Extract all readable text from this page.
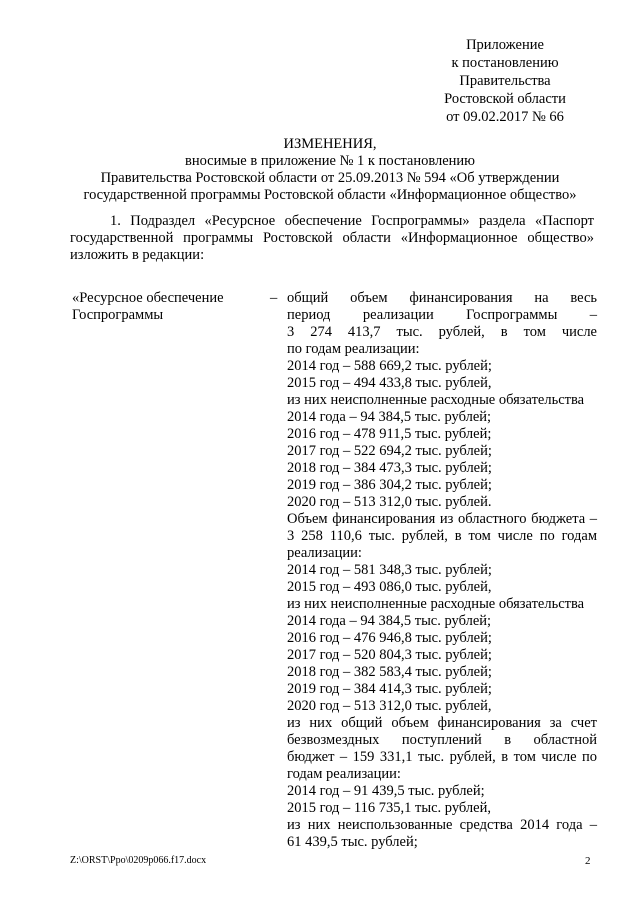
Приложение
к постановлению
Правительства
Ростовской области
от 09.02.2017 № 66
ИЗМЕНЕНИЯ,
вносимые в приложение № 1 к постановлению
Правительства Ростовской области от 25.09.2013 № 594 «Об утверждении
государственной программы Ростовской области «Информационное общество»
1. Подраздел «Ресурсное обеспечение Госпрограммы» раздела «Паспорт
государственной программы Ростовской области «Информационное общество»
изложить в редакции:
«Ресурсное обеспечение
Госпрограммы
– общий объем финансирования на весь
период реализации Госпрограммы –
3 274 413,7 тыс. рублей, в том числе
по годам реализации:
2014 год – 588 669,2 тыс. рублей;
2015 год – 494 433,8 тыс. рублей,
из них неисполненные расходные обязательства
2014 года – 94 384,5 тыс. рублей;
2016 год – 478 911,5 тыс. рублей;
2017 год – 522 694,2 тыс. рублей;
2018 год – 384 473,3 тыс. рублей;
2019 год – 386 304,2 тыс. рублей;
2020 год – 513 312,0 тыс. рублей.
Объем финансирования из областного бюджета –
3 258 110,6 тыс. рублей, в том числе по годам
реализации:
2014 год – 581 348,3 тыс. рублей;
2015 год – 493 086,0 тыс. рублей,
из них неисполненные расходные обязательства
2014 года – 94 384,5 тыс. рублей;
2016 год – 476 946,8 тыс. рублей;
2017 год – 520 804,3 тыс. рублей;
2018 год – 382 583,4 тыс. рублей;
2019 год – 384 414,3 тыс. рублей;
2020 год – 513 312,0 тыс. рублей,
из них общий объем финансирования за счет
безвозмездных поступлений в областной
бюджет – 159 331,1 тыс. рублей, в том числе по
годам реализации:
2014 год – 91 439,5 тыс. рублей;
2015 год – 116 735,1 тыс. рублей,
из них неиспользованные средства 2014 года –
61 439,5 тыс. рублей;
Z:\ORST\Ppo\0209p066.f17.docx	2
